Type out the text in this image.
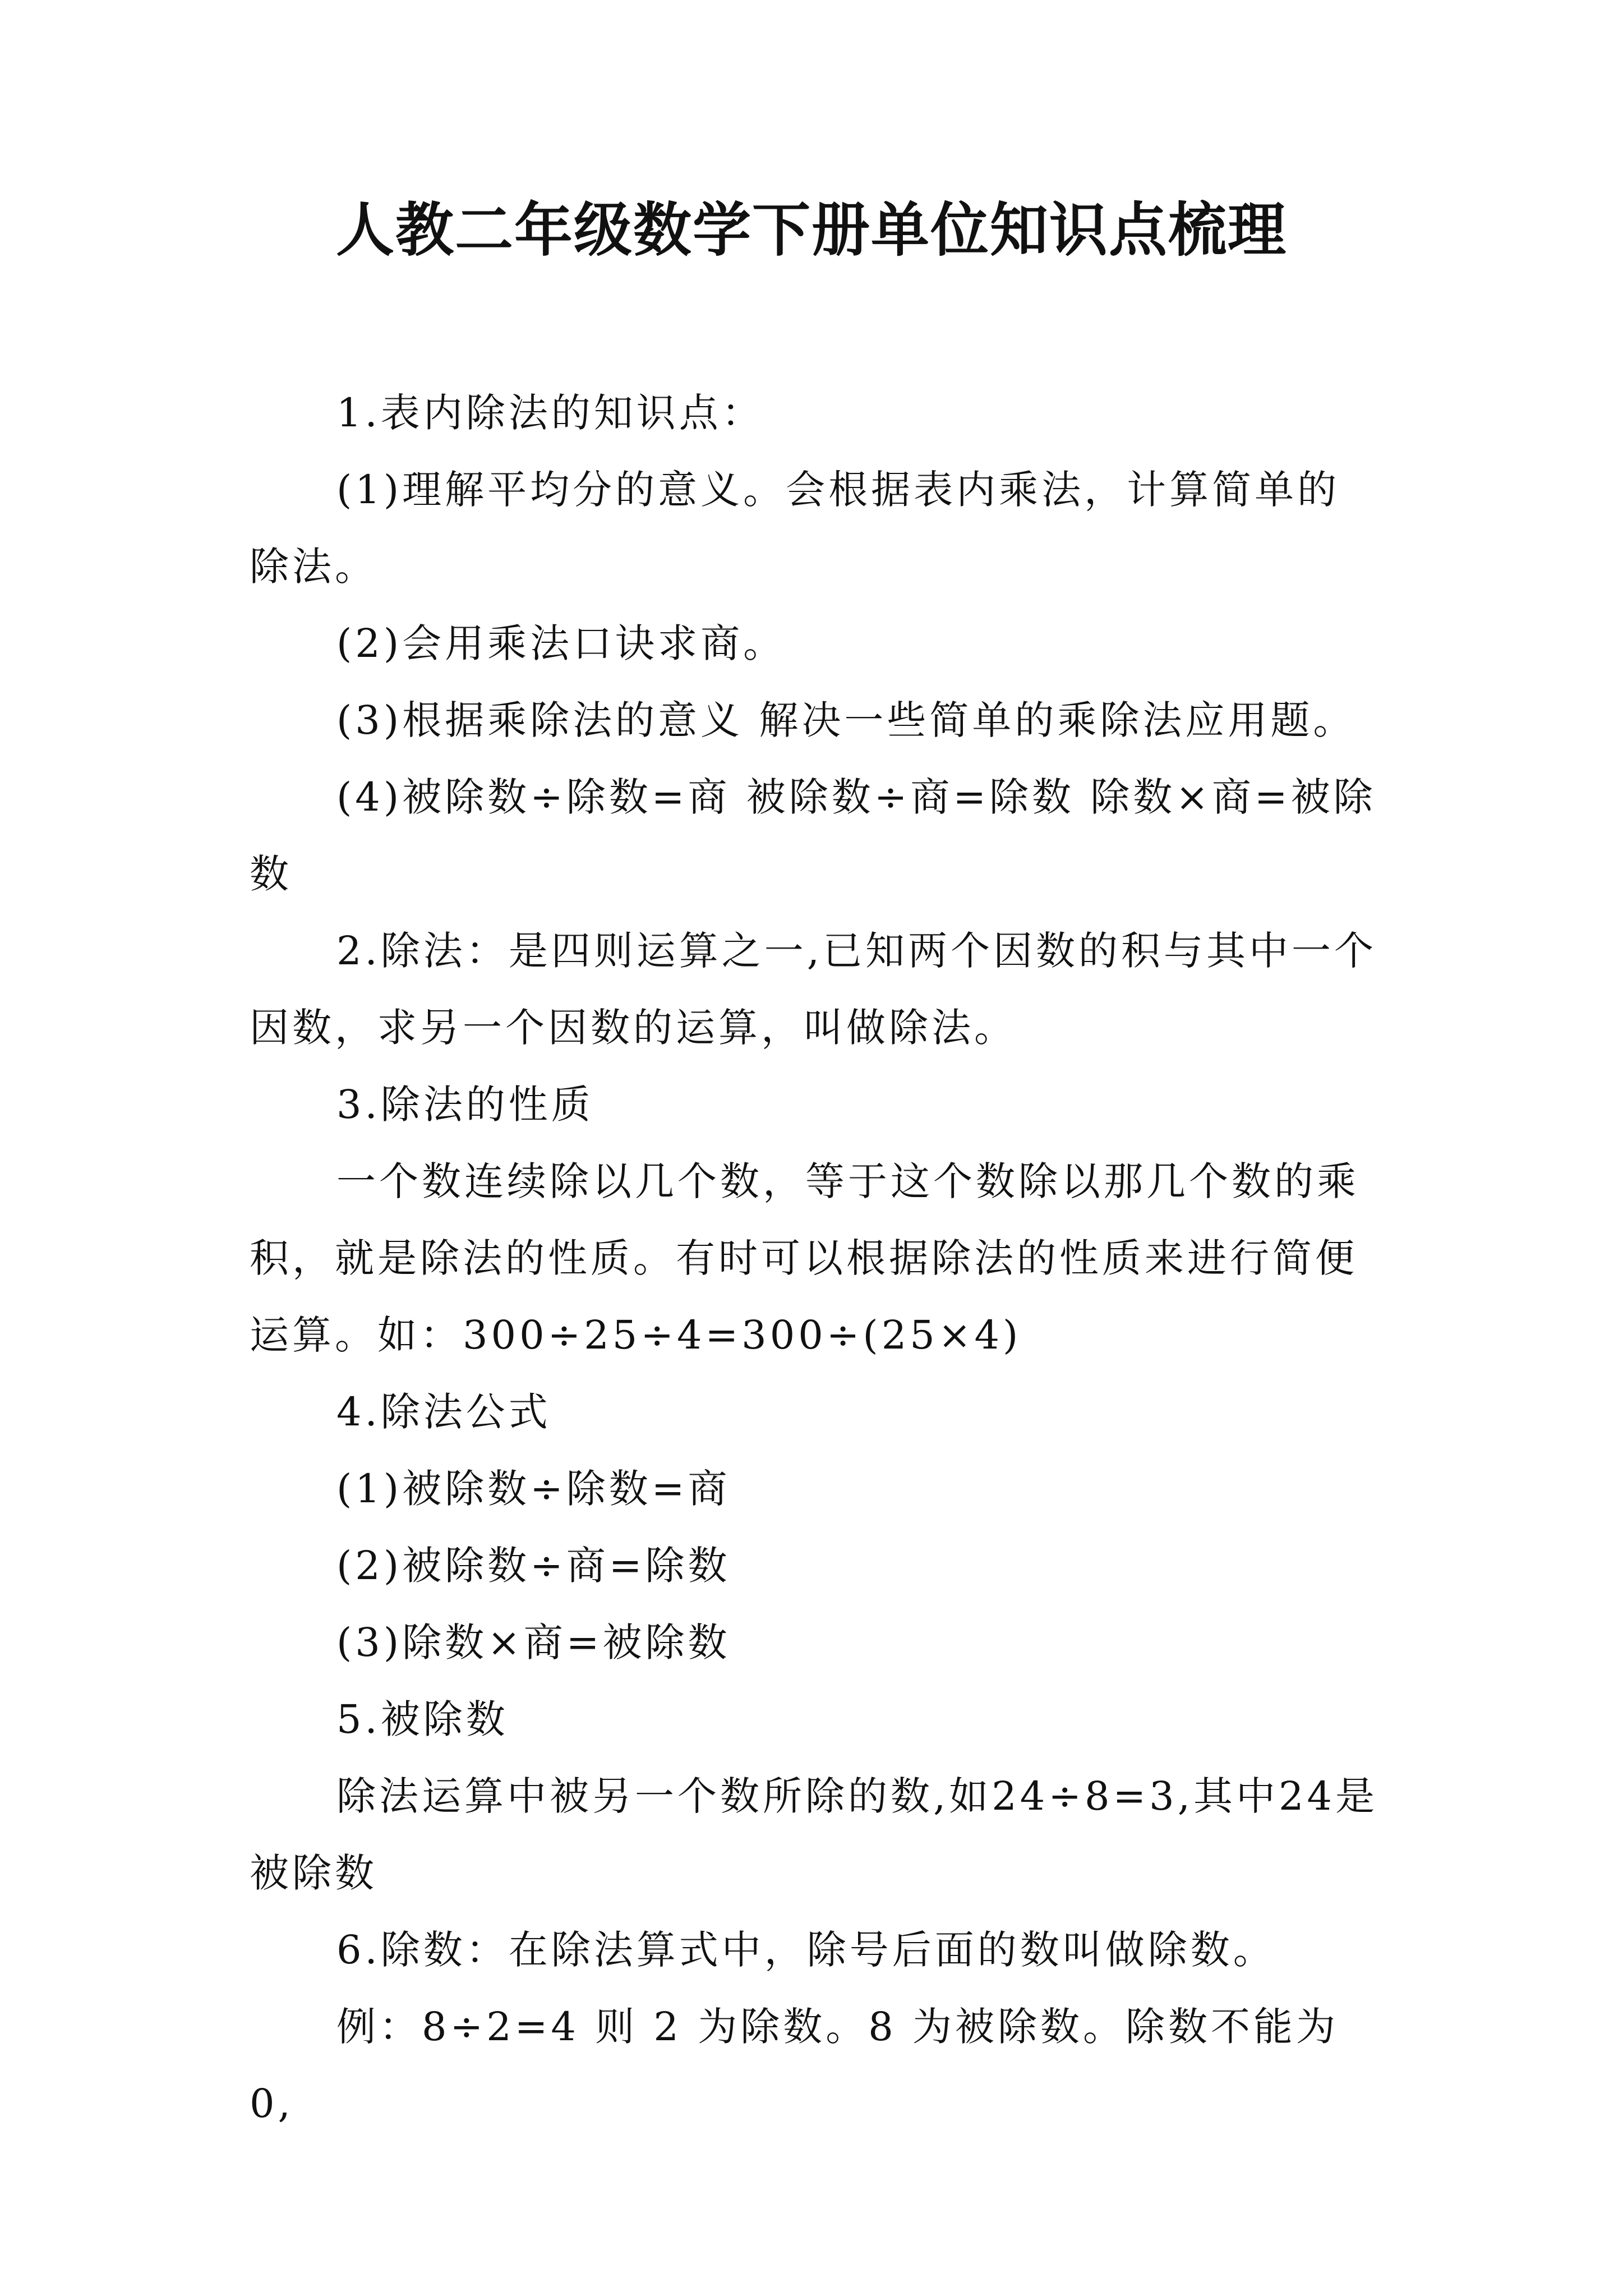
人教二年级数学下册单位知识点梳理

1.表内除法的知识点：

(1)理解平均分的意义。会根据表内乘法，计算简单的除法。

(2)会用乘法口诀求商。

(3)根据乘除法的意义 解决一些简单的乘除法应用题。

(4)被除数÷除数=商 被除数÷商=除数 除数×商=被除数

2.除法：是四则运算之一,已知两个因数的积与其中一个因数，求另一个因数的运算，叫做除法。

3.除法的性质

一个数连续除以几个数，等于这个数除以那几个数的乘积，就是除法的性质。有时可以根据除法的性质来进行简便运算。如：300÷25÷4=300÷(25×4)

4.除法公式

(1)被除数÷除数=商

(2)被除数÷商=除数

(3)除数×商=被除数

5.被除数

除法运算中被另一个数所除的数,如24÷8=3,其中24是被除数

6.除数：在除法算式中，除号后面的数叫做除数。

例：8÷2=4 则 2 为除数。8 为被除数。除数不能为 0,
